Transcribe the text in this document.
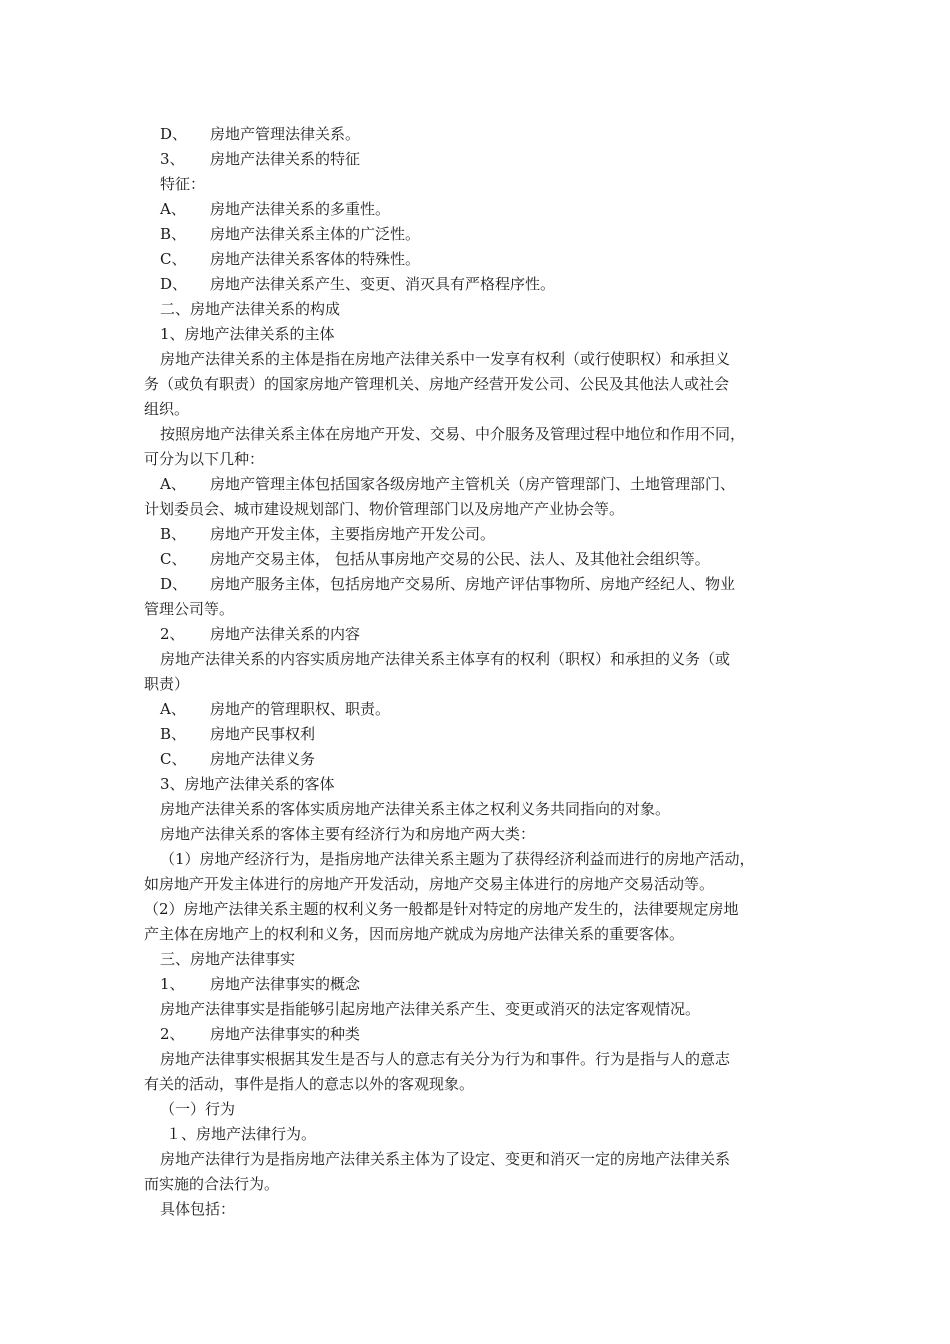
D、 房地产管理法律关系。
3、 房地产法律关系的特征
特征：
A、 房地产法律关系的多重性。
B、 房地产法律关系主体的广泛性。
C、 房地产法律关系客体的特殊性。
D、 房地产法律关系产生、变更、消灭具有严格程序性。
二、房地产法律关系的构成
1、房地产法律关系的主体
房地产法律关系的主体是指在房地产法律关系中一发享有权利（或行使职权）和承担义
务（或负有职责）的国家房地产管理机关、房地产经营开发公司、公民及其他法人或社会
组织。
按照房地产法律关系主体在房地产开发、交易、中介服务及管理过程中地位和作用不同，
可分为以下几种：
A、 房地产管理主体包括国家各级房地产主管机关（房产管理部门、土地管理部门、
计划委员会、城市建设规划部门、物价管理部门以及房地产产业协会等。
B、 房地产开发主体，主要指房地产开发公司。
C、 房地产交易主体， 包括从事房地产交易的公民、法人、及其他社会组织等。
D、 房地产服务主体，包括房地产交易所、房地产评估事物所、房地产经纪人、物业
管理公司等。
2、 房地产法律关系的内容
房地产法律关系的内容实质房地产法律关系主体享有的权利（职权）和承担的义务（或
职责）
A、 房地产的管理职权、职责。
B、 房地产民事权利
C、 房地产法律义务
3、房地产法律关系的客体
房地产法律关系的客体实质房地产法律关系主体之权利义务共同指向的对象。
房地产法律关系的客体主要有经济行为和房地产两大类：
（1）房地产经济行为，是指房地产法律关系主题为了获得经济利益而进行的房地产活动，
如房地产开发主体进行的房地产开发活动，房地产交易主体进行的房地产交易活动等。
（2）房地产法律关系主题的权利义务一般都是针对特定的房地产发生的，法律要规定房地
产主体在房地产上的权利和义务，因而房地产就成为房地产法律关系的重要客体。
三、房地产法律事实
1、 房地产法律事实的概念
房地产法律事实是指能够引起房地产法律关系产生、变更或消灭的法定客观情况。
2、 房地产法律事实的种类
房地产法律事实根据其发生是否与人的意志有关分为行为和事件。行为是指与人的意志
有关的活动，事件是指人的意志以外的客观现象。
（一）行为
１、房地产法律行为。
房地产法律行为是指房地产法律关系主体为了设定、变更和消灭一定的房地产法律关系
而实施的合法行为。
具体包括：
